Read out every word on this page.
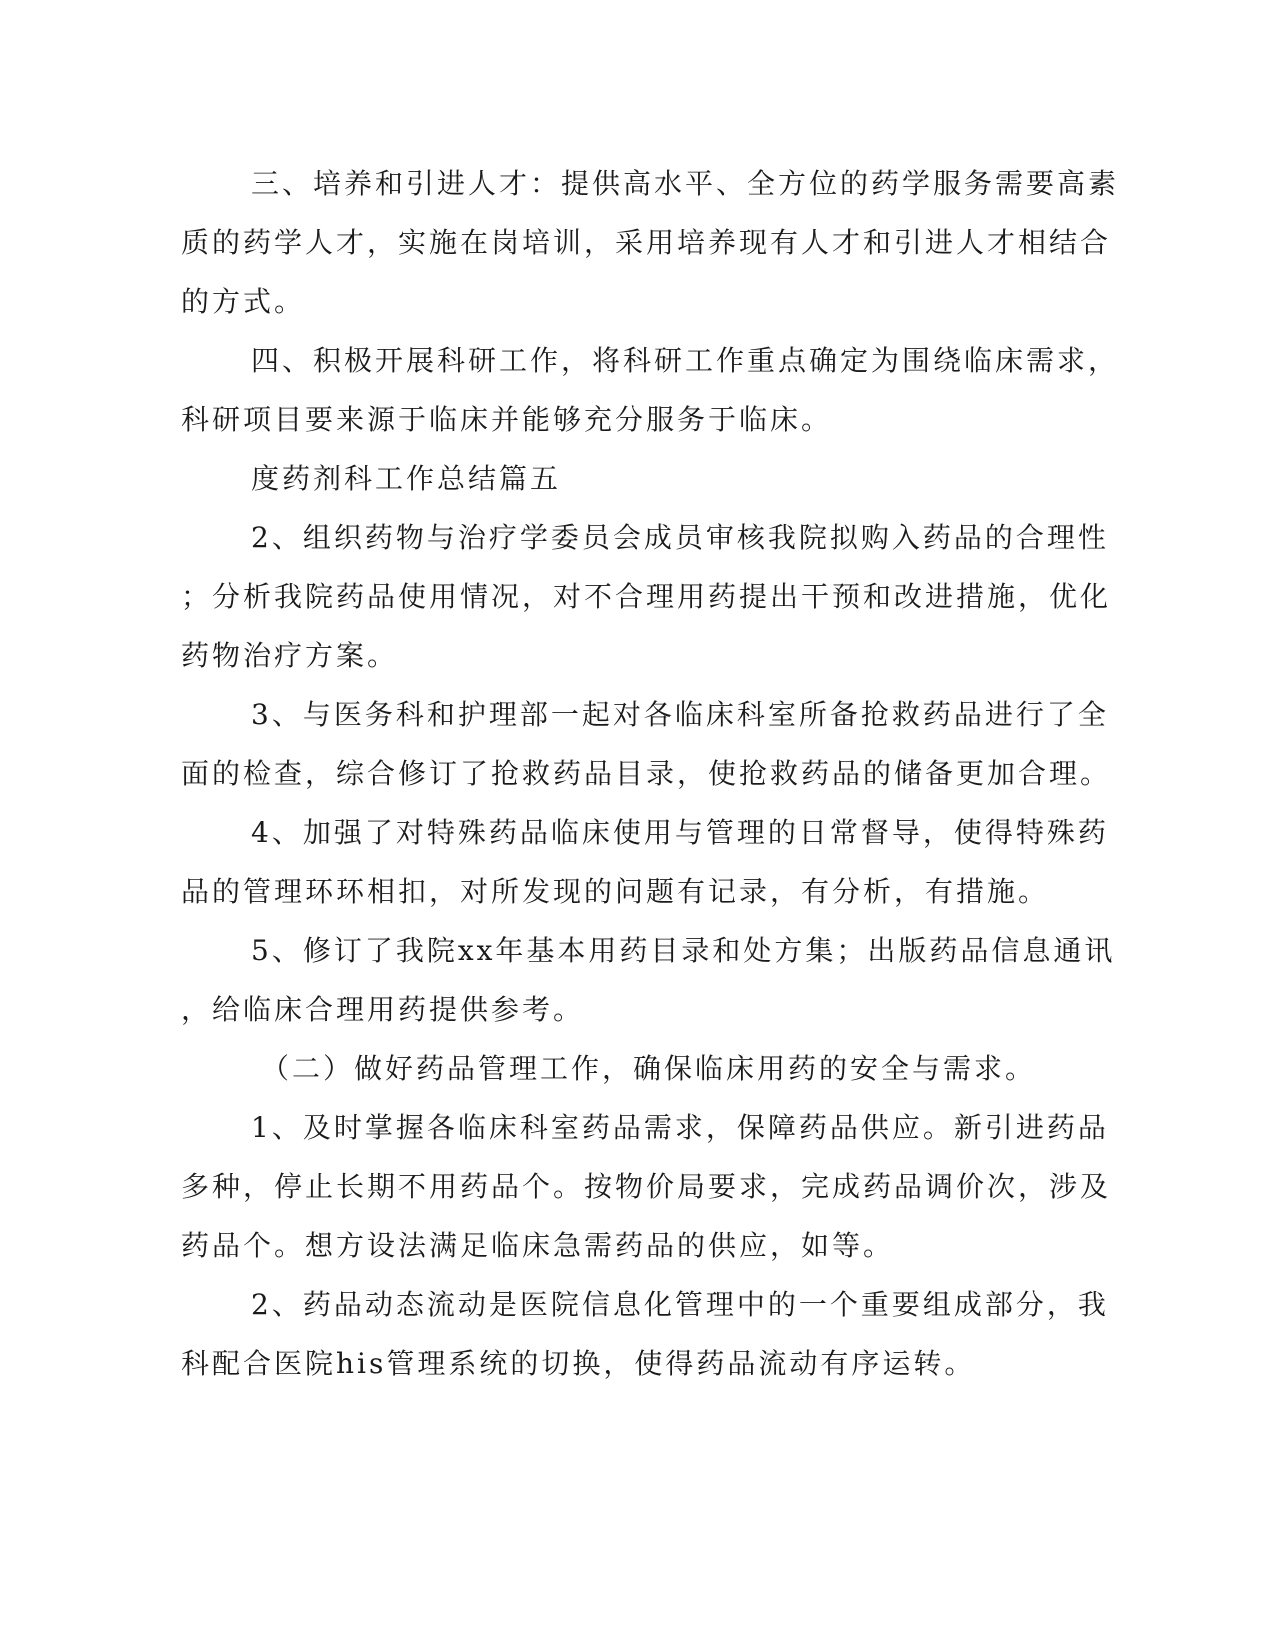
三、培养和引进人才：提供高水平、全方位的药学服务需要高素
质的药学人才，实施在岗培训，采用培养现有人才和引进人才相结合
的方式。
四、积极开展科研工作，将科研工作重点确定为围绕临床需求，
科研项目要来源于临床并能够充分服务于临床。
度药剂科工作总结篇五
2、组织药物与治疗学委员会成员审核我院拟购入药品的合理性
；分析我院药品使用情况，对不合理用药提出干预和改进措施，优化
药物治疗方案。
3、与医务科和护理部一起对各临床科室所备抢救药品进行了全
面的检查，综合修订了抢救药品目录，使抢救药品的储备更加合理。
4、加强了对特殊药品临床使用与管理的日常督导，使得特殊药
品的管理环环相扣，对所发现的问题有记录，有分析，有措施。
5、修订了我院xx年基本用药目录和处方集；出版药品信息通讯
，给临床合理用药提供参考。
（二）做好药品管理工作，确保临床用药的安全与需求。
1、及时掌握各临床科室药品需求，保障药品供应。新引进药品
多种，停止长期不用药品个。按物价局要求，完成药品调价次，涉及
药品个。想方设法满足临床急需药品的供应，如等。
2、药品动态流动是医院信息化管理中的一个重要组成部分，我
科配合医院his管理系统的切换，使得药品流动有序运转。
